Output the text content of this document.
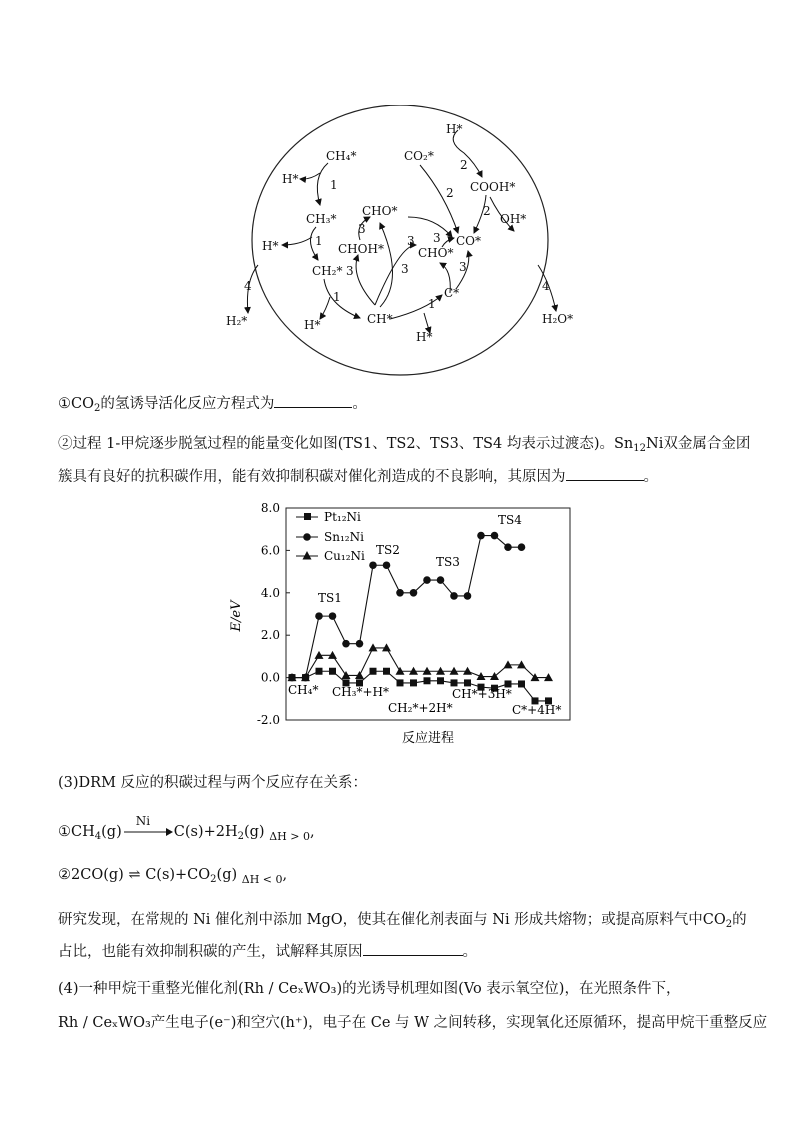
CH₄*
H*	1
CH₃*
H*	1
CH₂*
1
H*	CH*
1
H*
C*
CHO*
3
CHOH*
3
3
3
CHO*
3
3
CO*
CO₂*
2
2
H*
COOH*
2
OH*
4
H₂*
4
H₂O*
$①CO_2$的氢诱导活化反应方程式为	。
②过程 1-甲烷逐步脱氢过程的能量变化如图(TS1、TS2、TS3、TS4 均表示过渡态)。$Sn_{12}Ni$双金属合金团
簇具有良好的抗积碳作用，能有效抑制积碳对催化剂造成的不良影响，其原因为	。
8.0
6.0
4.0
2.0
0.0
-2.0
E/eV
反应进程
Pt₁₂Ni
Sn₁₂Ni
Cu₁₂Ni
TS1
TS2
TS3
TS4
CH₄* CH₃*+H*
CH₂*+2H*
CH*+3H*
C*+4H*
(3)DRM 反应的积碳过程与两个反应存在关系：
$①CH_4(g)$
Ni
$C(s)+2H_2(g)$ $_{\Delta H > 0}$,
②2CO(g) ⇌ $C(s)+CO_2(g)$ $_{\Delta H < 0}$,
研究发现，在常规的 Ni 催化剂中添加 MgO，使其在催化剂表面与 Ni 形成共熔物；或提高原料气中$CO_2$的
占比，也能有效抑制积碳的产生，试解释其原因	。
(4)一种甲烷干重整光催化剂(Rh / CeₓWO₃)的光诱导机理如图(Vo 表示氧空位)，在光照条件下，
Rh / CeₓWO₃产生电子(e⁻)和空穴(h⁺)，电子在 Ce 与 W 之间转移，实现氧化还原循环，提高甲烷干重整反应
